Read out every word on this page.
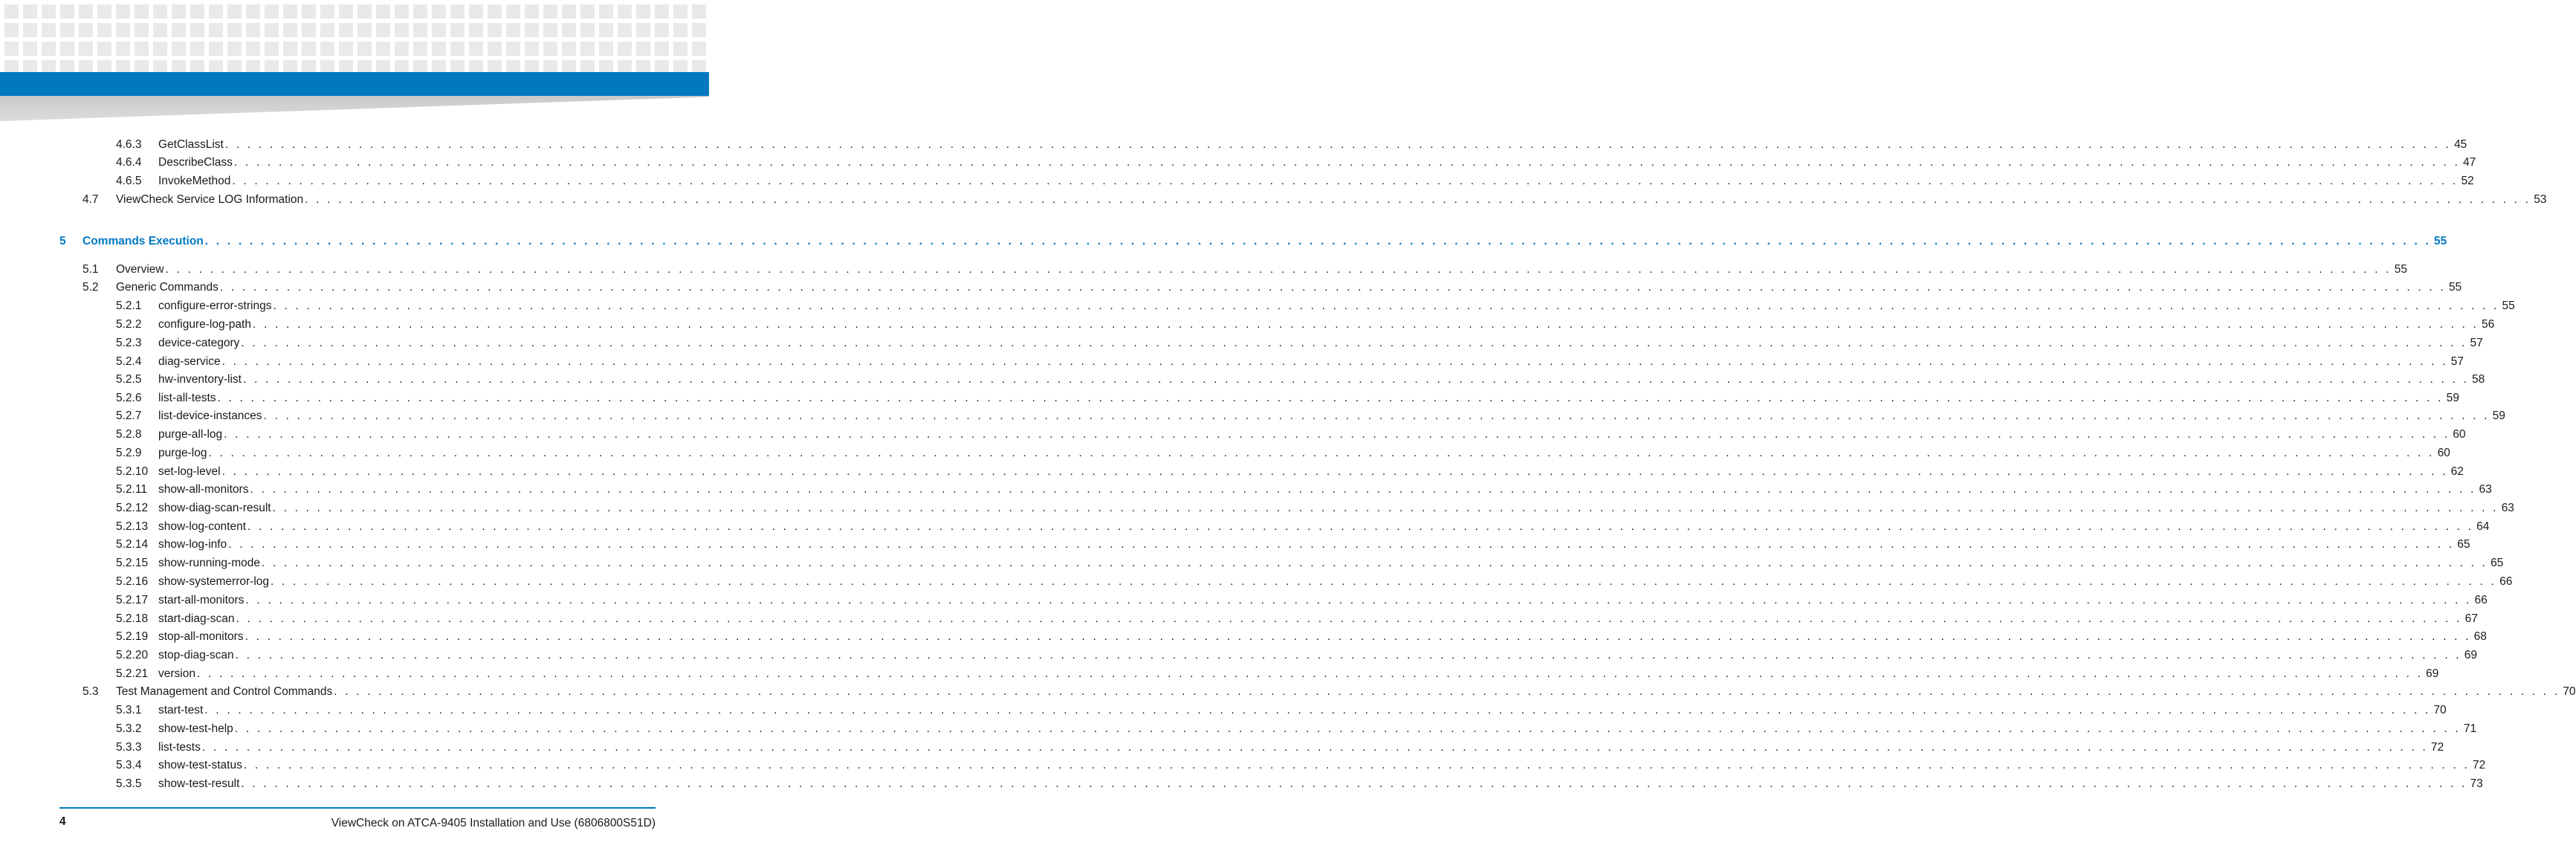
4.6.3 GetClassList . . . . . . . . . . . . . . . . . . . . . . . . . . . . . . . . . . . . . . . . . . . . . . . . . . . . . . . . . . . . . . . . . . . . . . . . . . . . . . . . . . . . . . . . . . . . . . . . . . . . . . . . . . . . . . . . . . . . . . . . . . . . . . . . . . . . . . . . . . . . . . . . . . . . . . . . . . . . . . . . . . . . . . . . . . . . . . . . . . . . . . . . . . . . . . . . . . . . . . . . 45
4.6.4 DescribeClass . . . . . . . . . . . . . . . . . . . . . . . . . . . . . . . . . . . . . . . . . . . . . . . . . . . . . . . . . . . . . . . . . . . . . . . . . . . . . . . . . . . . . . . . . . . . . . . . . . . . . . . . . . . . . . . . . . . . . . . . . . . . . . . . . . . . . . . . . . . . . . . . . . . . . . . . . . . . . . . . . . . . . . . . . . . . . . . . . . . . . . . . . . . . . . . . . . . . . . . . 47
4.6.5 InvokeMethod . . . . . . . . . . . . . . . . . . . . . . . . . . . . . . . . . . . . . . . . . . . . . . . . . . . . . . . . . . . . . . . . . . . . . . . . . . . . . . . . . . . . . . . . . . . . . . . . . . . . . . . . . . . . . . . . . . . . . . . . . . . . . . . . . . . . . . . . . . . . . . . . . . . . . . . . . . . . . . . . . . . . . . . . . . . . . . . . . . . . . . . . . . . . . . . . . . . . . . . . 52
4.7 ViewCheck Service LOG Information . . . . . . . . . . . . . . . . . . . . . . . . . . . . . . . . . . . . . . . . . . . . . . . . . . . . . . . . . . . . . . . . . . . . . . . . . . . . . . . . . . . . . . . . . . . . . . . . . . . . . . . . . . . . . . . . . . . . . . . . . . . . . . . . . . . . . . . . . . . . . . . . . . . . . . . . . . . . . . . . . . . . . . . . . . . . . . . . . . . . . . . . . . . . . . . . . . . . . . . . 53
5 Commands Execution . . . . . . . . . . . . . . . . . . . . . . . . . . . . . . . . . . . . . . . . . . . . . . . . . . . . . . . . . . . . . . . . . . . . . . . . . . . . . . . . . . . . . . . . . . . . . . . . . . . . . . . . . . . . . . . . . . . . . . . . . . . . . . . . . . . . . . . . . . . . . . . . . . . . . . . . . . . . . . . . . . . . . . . . . . . . . . . . . . . . . . . . . . . . . . . . . . . . . . . . 55
5.1 Overview . . . . . . . . . . . . . . . . . . . . . . . . . . . . . . . . . . . . . . . . . . . . . . . . . . . . . . . . . . . . . . . . . . . . . . . . . . . . . . . . . . . . . . . . . . . . . . . . . . . . . . . . . . . . . . . . . . . . . . . . . . . . . . . . . . . . . . . . . . . . . . . . . . . . . . . . . . . . . . . . . . . . . . . . . . . . . . . . . . . . . . . . . . . . . . . . . . . . . . . . 55
5.2 Generic Commands . . . . . . . . . . . . . . . . . . . . . . . . . . . . . . . . . . . . . . . . . . . . . . . . . . . . . . . . . . . . . . . . . . . . . . . . . . . . . . . . . . . . . . . . . . . . . . . . . . . . . . . . . . . . . . . . . . . . . . . . . . . . . . . . . . . . . . . . . . . . . . . . . . . . . . . . . . . . . . . . . . . . . . . . . . . . . . . . . . . . . . . . . . . . . . . . . . . . . . . . 55
5.2.1 configure-error-strings . . . . . . . . . . . . . . . . . . . . . . . . . . . . . . . . . . . . . . . . . . . . . . . . . . . . . . . . . . . . . . . . . . . . . . . . . . . . . . . . . . . . . . . . . . . . . . . . . . . . . . . . . . . . . . . . . . . . . . . . . . . . . . . . . . . . . . . . . . . . . . . . . . . . . . . . . . . . . . . . . . . . . . . . . . . . . . . . . . . . . . . . . . . . . . . . . . . . . . . . 55
5.2.2 configure-log-path . . . . . . . . . . . . . . . . . . . . . . . . . . . . . . . . . . . . . . . . . . . . . . . . . . . . . . . . . . . . . . . . . . . . . . . . . . . . . . . . . . . . . . . . . . . . . . . . . . . . . . . . . . . . . . . . . . . . . . . . . . . . . . . . . . . . . . . . . . . . . . . . . . . . . . . . . . . . . . . . . . . . . . . . . . . . . . . . . . . . . . . . . . . . . . . . . . . . . . . . 56
5.2.3 device-category . . . . . . . . . . . . . . . . . . . . . . . . . . . . . . . . . . . . . . . . . . . . . . . . . . . . . . . . . . . . . . . . . . . . . . . . . . . . . . . . . . . . . . . . . . . . . . . . . . . . . . . . . . . . . . . . . . . . . . . . . . . . . . . . . . . . . . . . . . . . . . . . . . . . . . . . . . . . . . . . . . . . . . . . . . . . . . . . . . . . . . . . . . . . . . . . . . . . . . . . 57
5.2.4 diag-service . . . . . . . . . . . . . . . . . . . . . . . . . . . . . . . . . . . . . . . . . . . . . . . . . . . . . . . . . . . . . . . . . . . . . . . . . . . . . . . . . . . . . . . . . . . . . . . . . . . . . . . . . . . . . . . . . . . . . . . . . . . . . . . . . . . . . . . . . . . . . . . . . . . . . . . . . . . . . . . . . . . . . . . . . . . . . . . . . . . . . . . . . . . . . . . . . . . . . . . . 57
5.2.5 hw-inventory-list . . . . . . . . . . . . . . . . . . . . . . . . . . . . . . . . . . . . . . . . . . . . . . . . . . . . . . . . . . . . . . . . . . . . . . . . . . . . . . . . . . . . . . . . . . . . . . . . . . . . . . . . . . . . . . . . . . . . . . . . . . . . . . . . . . . . . . . . . . . . . . . . . . . . . . . . . . . . . . . . . . . . . . . . . . . . . . . . . . . . . . . . . . . . . . . . . . . . . . . . 58
5.2.6 list-all-tests . . . . . . . . . . . . . . . . . . . . . . . . . . . . . . . . . . . . . . . . . . . . . . . . . . . . . . . . . . . . . . . . . . . . . . . . . . . . . . . . . . . . . . . . . . . . . . . . . . . . . . . . . . . . . . . . . . . . . . . . . . . . . . . . . . . . . . . . . . . . . . . . . . . . . . . . . . . . . . . . . . . . . . . . . . . . . . . . . . . . . . . . . . . . . . . . . . . . . . . . 59
5.2.7 list-device-instances . . . . . . . . . . . . . . . . . . . . . . . . . . . . . . . . . . . . . . . . . . . . . . . . . . . . . . . . . . . . . . . . . . . . . . . . . . . . . . . . . . . . . . . . . . . . . . . . . . . . . . . . . . . . . . . . . . . . . . . . . . . . . . . . . . . . . . . . . . . . . . . . . . . . . . . . . . . . . . . . . . . . . . . . . . . . . . . . . . . . . . . . . . . . . . . . . . . . . . . . 59
5.2.8 purge-all-log . . . . . . . . . . . . . . . . . . . . . . . . . . . . . . . . . . . . . . . . . . . . . . . . . . . . . . . . . . . . . . . . . . . . . . . . . . . . . . . . . . . . . . . . . . . . . . . . . . . . . . . . . . . . . . . . . . . . . . . . . . . . . . . . . . . . . . . . . . . . . . . . . . . . . . . . . . . . . . . . . . . . . . . . . . . . . . . . . . . . . . . . . . . . . . . . . . . . . . . . 60
5.2.9 purge-log . . . . . . . . . . . . . . . . . . . . . . . . . . . . . . . . . . . . . . . . . . . . . . . . . . . . . . . . . . . . . . . . . . . . . . . . . . . . . . . . . . . . . . . . . . . . . . . . . . . . . . . . . . . . . . . . . . . . . . . . . . . . . . . . . . . . . . . . . . . . . . . . . . . . . . . . . . . . . . . . . . . . . . . . . . . . . . . . . . . . . . . . . . . . . . . . . . . . . . . . 60
5.2.10 set-log-level . . . . . . . . . . . . . . . . . . . . . . . . . . . . . . . . . . . . . . . . . . . . . . . . . . . . . . . . . . . . . . . . . . . . . . . . . . . . . . . . . . . . . . . . . . . . . . . . . . . . . . . . . . . . . . . . . . . . . . . . . . . . . . . . . . . . . . . . . . . . . . . . . . . . . . . . . . . . . . . . . . . . . . . . . . . . . . . . . . . . . . . . . . . . . . . . . . . . . . . . 62
5.2.11 show-all-monitors . . . . . . . . . . . . . . . . . . . . . . . . . . . . . . . . . . . . . . . . . . . . . . . . . . . . . . . . . . . . . . . . . . . . . . . . . . . . . . . . . . . . . . . . . . . . . . . . . . . . . . . . . . . . . . . . . . . . . . . . . . . . . . . . . . . . . . . . . . . . . . . . . . . . . . . . . . . . . . . . . . . . . . . . . . . . . . . . . . . . . . . . . . . . . . . . . . . . . . . . 63
5.2.12 show-diag-scan-result . . . . . . . . . . . . . . . . . . . . . . . . . . . . . . . . . . . . . . . . . . . . . . . . . . . . . . . . . . . . . . . . . . . . . . . . . . . . . . . . . . . . . . . . . . . . . . . . . . . . . . . . . . . . . . . . . . . . . . . . . . . . . . . . . . . . . . . . . . . . . . . . . . . . . . . . . . . . . . . . . . . . . . . . . . . . . . . . . . . . . . . . . . . . . . . . . . . . . . . . 63
5.2.13 show-log-content . . . . . . . . . . . . . . . . . . . . . . . . . . . . . . . . . . . . . . . . . . . . . . . . . . . . . . . . . . . . . . . . . . . . . . . . . . . . . . . . . . . . . . . . . . . . . . . . . . . . . . . . . . . . . . . . . . . . . . . . . . . . . . . . . . . . . . . . . . . . . . . . . . . . . . . . . . . . . . . . . . . . . . . . . . . . . . . . . . . . . . . . . . . . . . . . . . . . . . . . 64
5.2.14 show-log-info . . . . . . . . . . . . . . . . . . . . . . . . . . . . . . . . . . . . . . . . . . . . . . . . . . . . . . . . . . . . . . . . . . . . . . . . . . . . . . . . . . . . . . . . . . . . . . . . . . . . . . . . . . . . . . . . . . . . . . . . . . . . . . . . . . . . . . . . . . . . . . . . . . . . . . . . . . . . . . . . . . . . . . . . . . . . . . . . . . . . . . . . . . . . . . . . . . . . . . . . 65
5.2.15 show-running-mode . . . . . . . . . . . . . . . . . . . . . . . . . . . . . . . . . . . . . . . . . . . . . . . . . . . . . . . . . . . . . . . . . . . . . . . . . . . . . . . . . . . . . . . . . . . . . . . . . . . . . . . . . . . . . . . . . . . . . . . . . . . . . . . . . . . . . . . . . . . . . . . . . . . . . . . . . . . . . . . . . . . . . . . . . . . . . . . . . . . . . . . . . . . . . . . . . . . . . . . . 65
5.2.16 show-systemerror-log . . . . . . . . . . . . . . . . . . . . . . . . . . . . . . . . . . . . . . . . . . . . . . . . . . . . . . . . . . . . . . . . . . . . . . . . . . . . . . . . . . . . . . . . . . . . . . . . . . . . . . . . . . . . . . . . . . . . . . . . . . . . . . . . . . . . . . . . . . . . . . . . . . . . . . . . . . . . . . . . . . . . . . . . . . . . . . . . . . . . . . . . . . . . . . . . . . . . . . . . 66
5.2.17 start-all-monitors . . . . . . . . . . . . . . . . . . . . . . . . . . . . . . . . . . . . . . . . . . . . . . . . . . . . . . . . . . . . . . . . . . . . . . . . . . . . . . . . . . . . . . . . . . . . . . . . . . . . . . . . . . . . . . . . . . . . . . . . . . . . . . . . . . . . . . . . . . . . . . . . . . . . . . . . . . . . . . . . . . . . . . . . . . . . . . . . . . . . . . . . . . . . . . . . . . . . . . . . 66
5.2.18 start-diag-scan . . . . . . . . . . . . . . . . . . . . . . . . . . . . . . . . . . . . . . . . . . . . . . . . . . . . . . . . . . . . . . . . . . . . . . . . . . . . . . . . . . . . . . . . . . . . . . . . . . . . . . . . . . . . . . . . . . . . . . . . . . . . . . . . . . . . . . . . . . . . . . . . . . . . . . . . . . . . . . . . . . . . . . . . . . . . . . . . . . . . . . . . . . . . . . . . . . . . . . . . 67
5.2.19 stop-all-monitors . . . . . . . . . . . . . . . . . . . . . . . . . . . . . . . . . . . . . . . . . . . . . . . . . . . . . . . . . . . . . . . . . . . . . . . . . . . . . . . . . . . . . . . . . . . . . . . . . . . . . . . . . . . . . . . . . . . . . . . . . . . . . . . . . . . . . . . . . . . . . . . . . . . . . . . . . . . . . . . . . . . . . . . . . . . . . . . . . . . . . . . . . . . . . . . . . . . . . . . . 68
5.2.20 stop-diag-scan . . . . . . . . . . . . . . . . . . . . . . . . . . . . . . . . . . . . . . . . . . . . . . . . . . . . . . . . . . . . . . . . . . . . . . . . . . . . . . . . . . . . . . . . . . . . . . . . . . . . . . . . . . . . . . . . . . . . . . . . . . . . . . . . . . . . . . . . . . . . . . . . . . . . . . . . . . . . . . . . . . . . . . . . . . . . . . . . . . . . . . . . . . . . . . . . . . . . . . . . 69
5.2.21 version . . . . . . . . . . . . . . . . . . . . . . . . . . . . . . . . . . . . . . . . . . . . . . . . . . . . . . . . . . . . . . . . . . . . . . . . . . . . . . . . . . . . . . . . . . . . . . . . . . . . . . . . . . . . . . . . . . . . . . . . . . . . . . . . . . . . . . . . . . . . . . . . . . . . . . . . . . . . . . . . . . . . . . . . . . . . . . . . . . . . . . . . . . . . . . . . . . . . . . . . 69
5.3 Test Management and Control Commands . . . . . . . . . . . . . . . . . . . . . . . . . . . . . . . . . . . . . . . . . . . . . . . . . . . . . . . . . . . . . . . . . . . . . . . . . . . . . . . . . . . . . . . . . . . . . . . . . . . . . . . . . . . . . . . . . . . . . . . . . . . . . . . . . . . . . . . . . . . . . . . . . . . . . . . . . . . . . . . . . . . . . . . . . . . . . . . . . . . . . . . . . . . . . . . . . . . . . . . . 70
5.3.1 start-test . . . . . . . . . . . . . . . . . . . . . . . . . . . . . . . . . . . . . . . . . . . . . . . . . . . . . . . . . . . . . . . . . . . . . . . . . . . . . . . . . . . . . . . . . . . . . . . . . . . . . . . . . . . . . . . . . . . . . . . . . . . . . . . . . . . . . . . . . . . . . . . . . . . . . . . . . . . . . . . . . . . . . . . . . . . . . . . . . . . . . . . . . . . . . . . . . . . . . . . . 70
5.3.2 show-test-help . . . . . . . . . . . . . . . . . . . . . . . . . . . . . . . . . . . . . . . . . . . . . . . . . . . . . . . . . . . . . . . . . . . . . . . . . . . . . . . . . . . . . . . . . . . . . . . . . . . . . . . . . . . . . . . . . . . . . . . . . . . . . . . . . . . . . . . . . . . . . . . . . . . . . . . . . . . . . . . . . . . . . . . . . . . . . . . . . . . . . . . . . . . . . . . . . . . . . . . . 71
5.3.3 list-tests . . . . . . . . . . . . . . . . . . . . . . . . . . . . . . . . . . . . . . . . . . . . . . . . . . . . . . . . . . . . . . . . . . . . . . . . . . . . . . . . . . . . . . . . . . . . . . . . . . . . . . . . . . . . . . . . . . . . . . . . . . . . . . . . . . . . . . . . . . . . . . . . . . . . . . . . . . . . . . . . . . . . . . . . . . . . . . . . . . . . . . . . . . . . . . . . . . . . . . . . 72
5.3.4 show-test-status . . . . . . . . . . . . . . . . . . . . . . . . . . . . . . . . . . . . . . . . . . . . . . . . . . . . . . . . . . . . . . . . . . . . . . . . . . . . . . . . . . . . . . . . . . . . . . . . . . . . . . . . . . . . . . . . . . . . . . . . . . . . . . . . . . . . . . . . . . . . . . . . . . . . . . . . . . . . . . . . . . . . . . . . . . . . . . . . . . . . . . . . . . . . . . . . . . . . . . . . 72
5.3.5 show-test-result . . . . . . . . . . . . . . . . . . . . . . . . . . . . . . . . . . . . . . . . . . . . . . . . . . . . . . . . . . . . . . . . . . . . . . . . . . . . . . . . . . . . . . . . . . . . . . . . . . . . . . . . . . . . . . . . . . . . . . . . . . . . . . . . . . . . . . . . . . . . . . . . . . . . . . . . . . . . . . . . . . . . . . . . . . . . . . . . . . . . . . . . . . . . . . . . . . . . . . . . 73
4	ViewCheck on ATCA-9405 Installation and Use (6806800S51D)
